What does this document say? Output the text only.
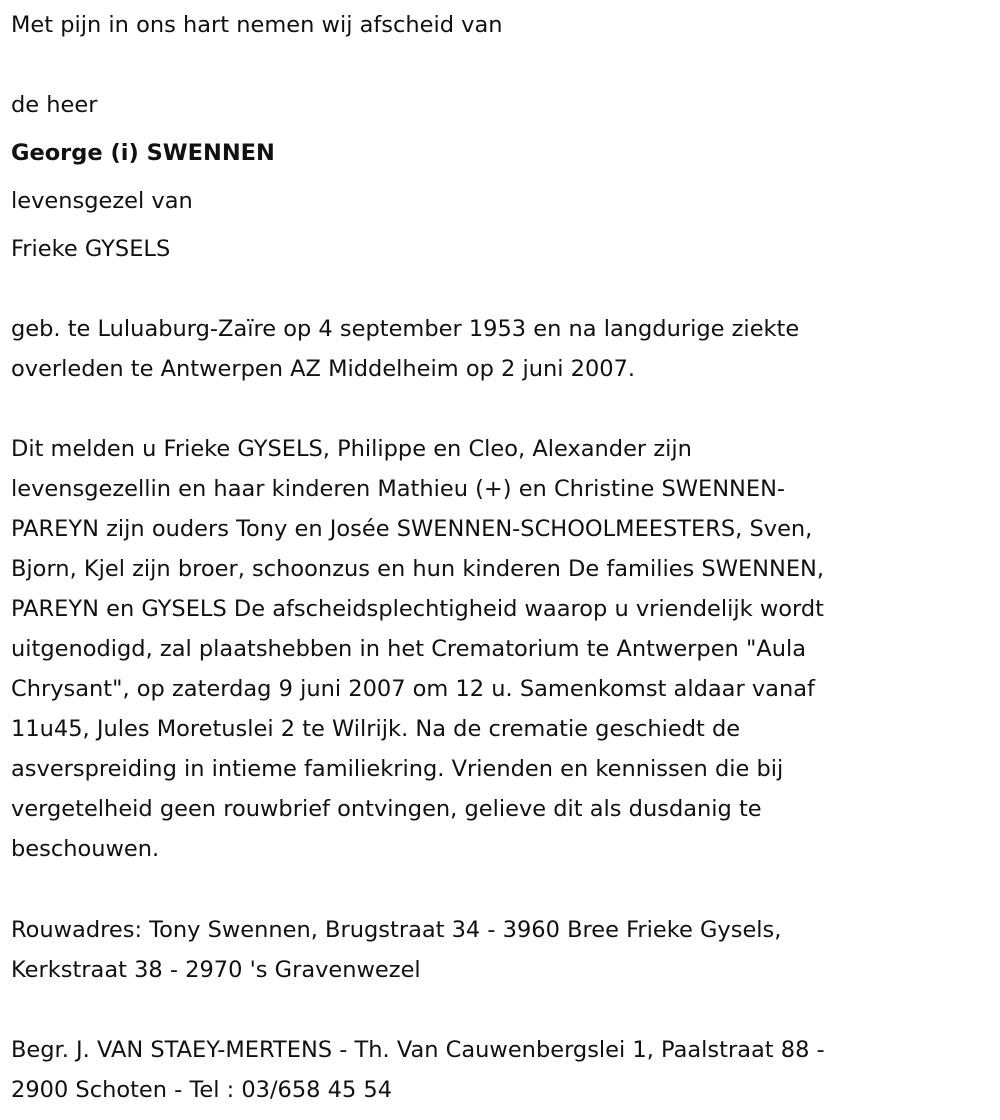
Met pijn in ons hart nemen wij afscheid van
de heer
George (i) SWENNEN
levensgezel van
Frieke GYSELS
geb. te Luluaburg-Zaïre op 4 september 1953 en na langdurige ziekte
overleden te Antwerpen AZ Middelheim op 2 juni 2007.
Dit melden u Frieke GYSELS, Philippe en Cleo, Alexander zijn
levensgezellin en haar kinderen Mathieu (+) en Christine SWENNEN-
PAREYN zijn ouders Tony en Josée SWENNEN-SCHOOLMEESTERS, Sven,
Bjorn, Kjel zijn broer, schoonzus en hun kinderen De families SWENNEN,
PAREYN en GYSELS De afscheidsplechtigheid waarop u vriendelijk wordt
uitgenodigd, zal plaatshebben in het Crematorium te Antwerpen "Aula
Chrysant", op zaterdag 9 juni 2007 om 12 u. Samenkomst aldaar vanaf
11u45, Jules Moretuslei 2 te Wilrijk. Na de crematie geschiedt de
asverspreiding in intieme familiekring. Vrienden en kennissen die bij
vergetelheid geen rouwbrief ontvingen, gelieve dit als dusdanig te
beschouwen.
Rouwadres: Tony Swennen, Brugstraat 34 - 3960 Bree Frieke Gysels,
Kerkstraat 38 - 2970 's Gravenwezel
Begr. J. VAN STAEY-MERTENS - Th. Van Cauwenbergslei 1, Paalstraat 88 -
2900 Schoten - Tel : 03/658 45 54
